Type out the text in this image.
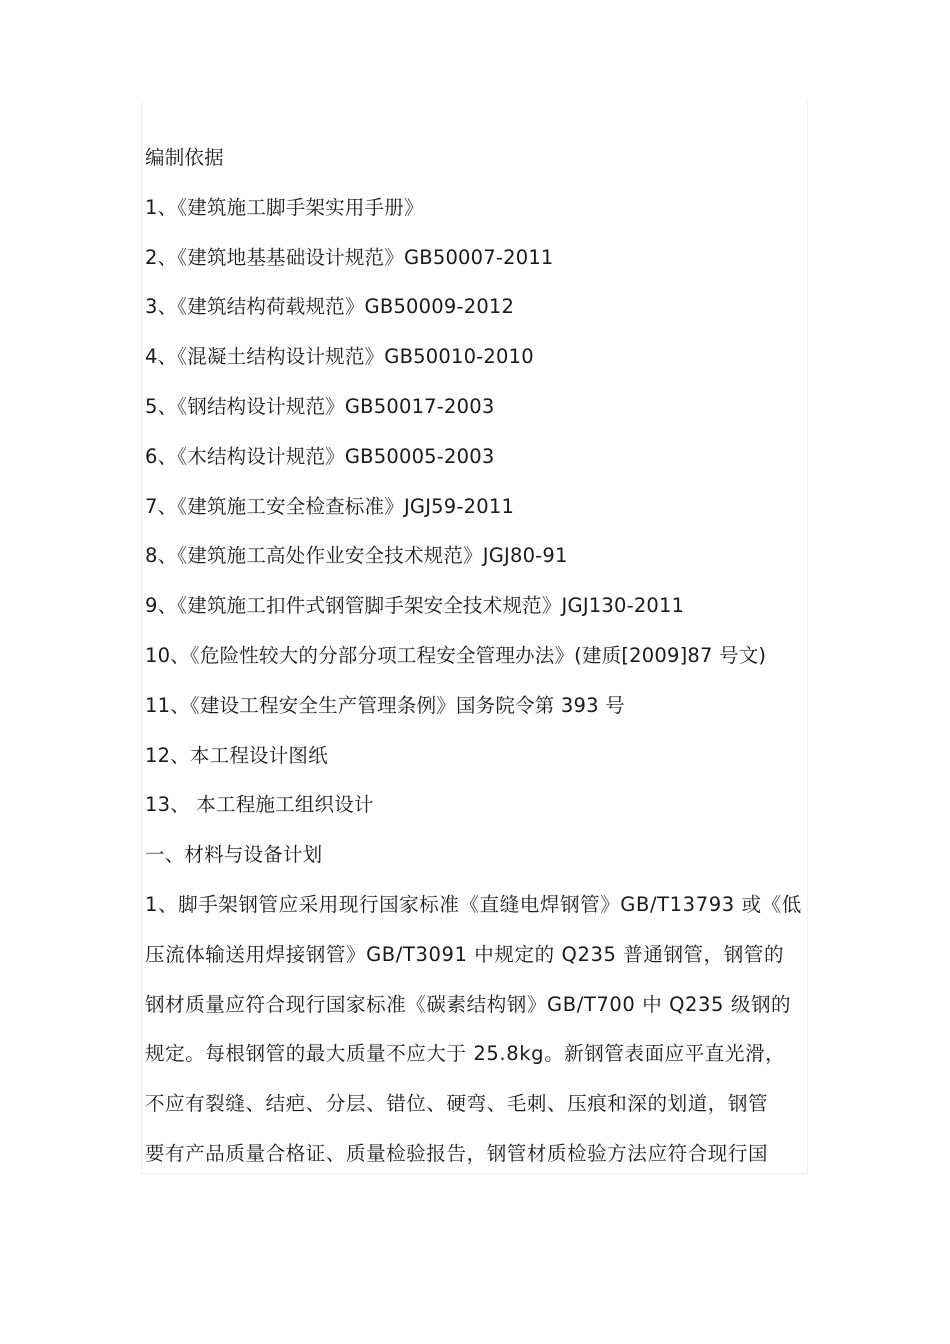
编制依据
1、《建筑施工脚手架实用手册》
2、《建筑地基基础设计规范》GB50007-2011
3、《建筑结构荷载规范》GB50009-2012
4、《混凝土结构设计规范》GB50010-2010
5、《钢结构设计规范》GB50017-2003
6、《木结构设计规范》GB50005-2003
7、《建筑施工安全检查标准》JGJ59-2011
8、《建筑施工高处作业安全技术规范》JGJ80-91
9、《建筑施工扣件式钢管脚手架安全技术规范》JGJ130-2011
10、《危险性较大的分部分项工程安全管理办法》(建质[2009]87 号文)
11、《建设工程安全生产管理条例》国务院令第 393 号
12、本工程设计图纸
13、 本工程施工组织设计
一、材料与设备计划
1、脚手架钢管应采用现行国家标准《直缝电焊钢管》GB/T13793 或《低
压流体输送用焊接钢管》GB/T3091 中规定的 Q235 普通钢管，钢管的
钢材质量应符合现行国家标准《碳素结构钢》GB/T700 中 Q235 级钢的
规定。每根钢管的最大质量不应大于 25.8kg。新钢管表面应平直光滑，
不应有裂缝、结疤、分层、错位、硬弯、毛刺、压痕和深的划道，钢管
要有产品质量合格证、质量检验报告，钢管材质检验方法应符合现行国
